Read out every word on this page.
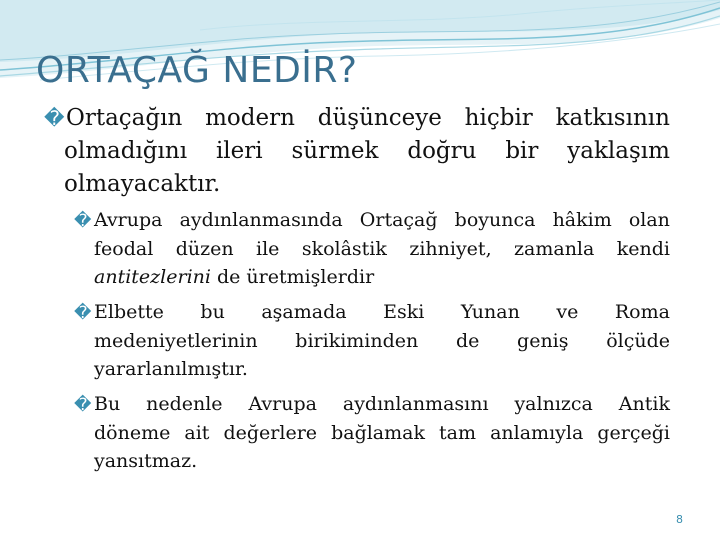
ORTAÇAĞ NEDİR?
�Ortaçağın modern düşünceye hiçbir katkısının
olmadığını ileri sürmek doğru bir yaklaşım
olmayacaktır.
� Avrupa aydınlanmasında Ortaçağ boyunca hâkim olan
feodal düzen ile skolâstik zihniyet, zamanla kendi
antitezlerini de üretmişlerdir
� Elbette bu aşamada Eski Yunan ve Roma
medeniyetlerinin birikiminden de geniş ölçüde
yararlanılmıştır.
� Bu nedenle Avrupa aydınlanmasını yalnızca Antik
döneme ait değerlere bağlamak tam anlamıyla gerçeği
yansıtmaz.
8
